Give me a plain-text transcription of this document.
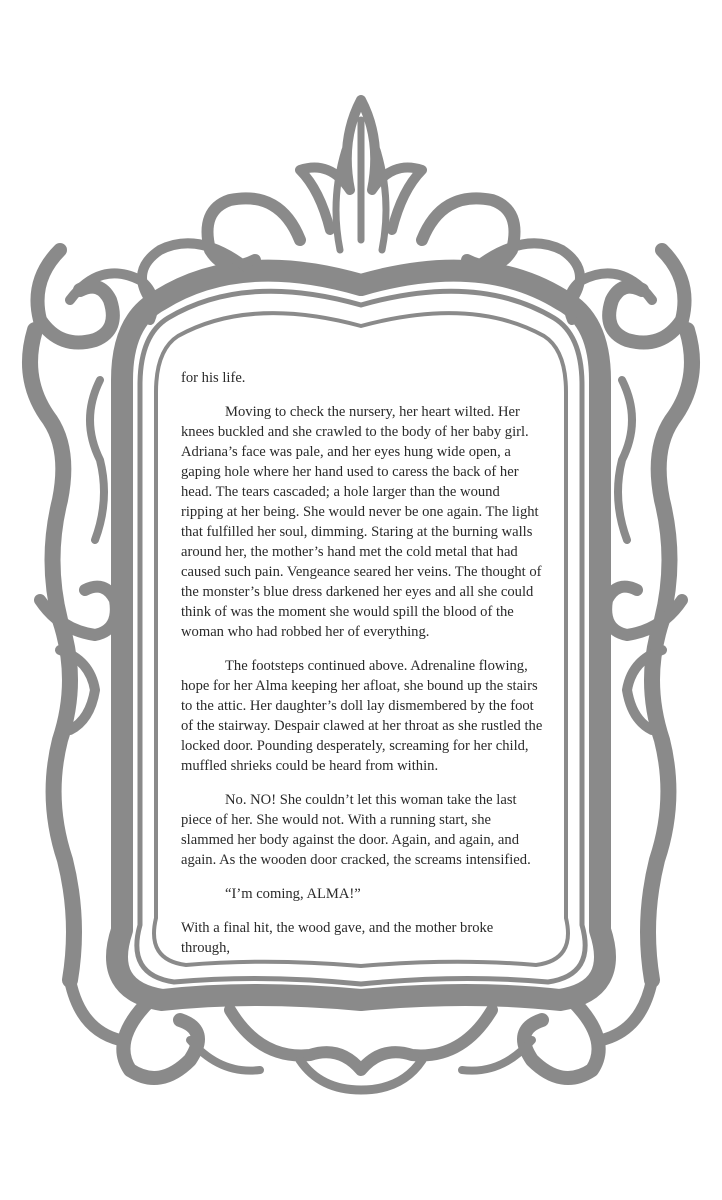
for his life.

Moving to check the nursery, her heart wilted. Her knees buckled and she crawled to the body of her baby girl. Adriana’s face was pale, and her eyes hung wide open, a gaping hole where her hand used to caress the back of her head. The tears cascaded; a hole larger than the wound ripping at her being. She would never be one again. The light that fulfilled her soul, dimming. Staring at the burning walls around her, the mother’s hand met the cold metal that had caused such pain. Vengeance seared her veins. The thought of the monster’s blue dress darkened her eyes and all she could think of was the moment she would spill the blood of the woman who had robbed her of everything.

The footsteps continued above. Adrenaline flowing, hope for her Alma keeping her afloat, she bound up the stairs to the attic. Her daughter’s doll lay dismembered by the foot of the stairway. Despair clawed at her throat as she rustled the locked door. Pounding desperately, screaming for her child, muffled shrieks could be heard from within.

No. NO! She couldn’t let this woman take the last piece of her. She would not. With a running start, she slammed her body against the door. Again, and again, and again. As the wooden door cracked, the screams intensified.

“I’m coming, ALMA!”

With a final hit, the wood gave, and the mother broke through,
